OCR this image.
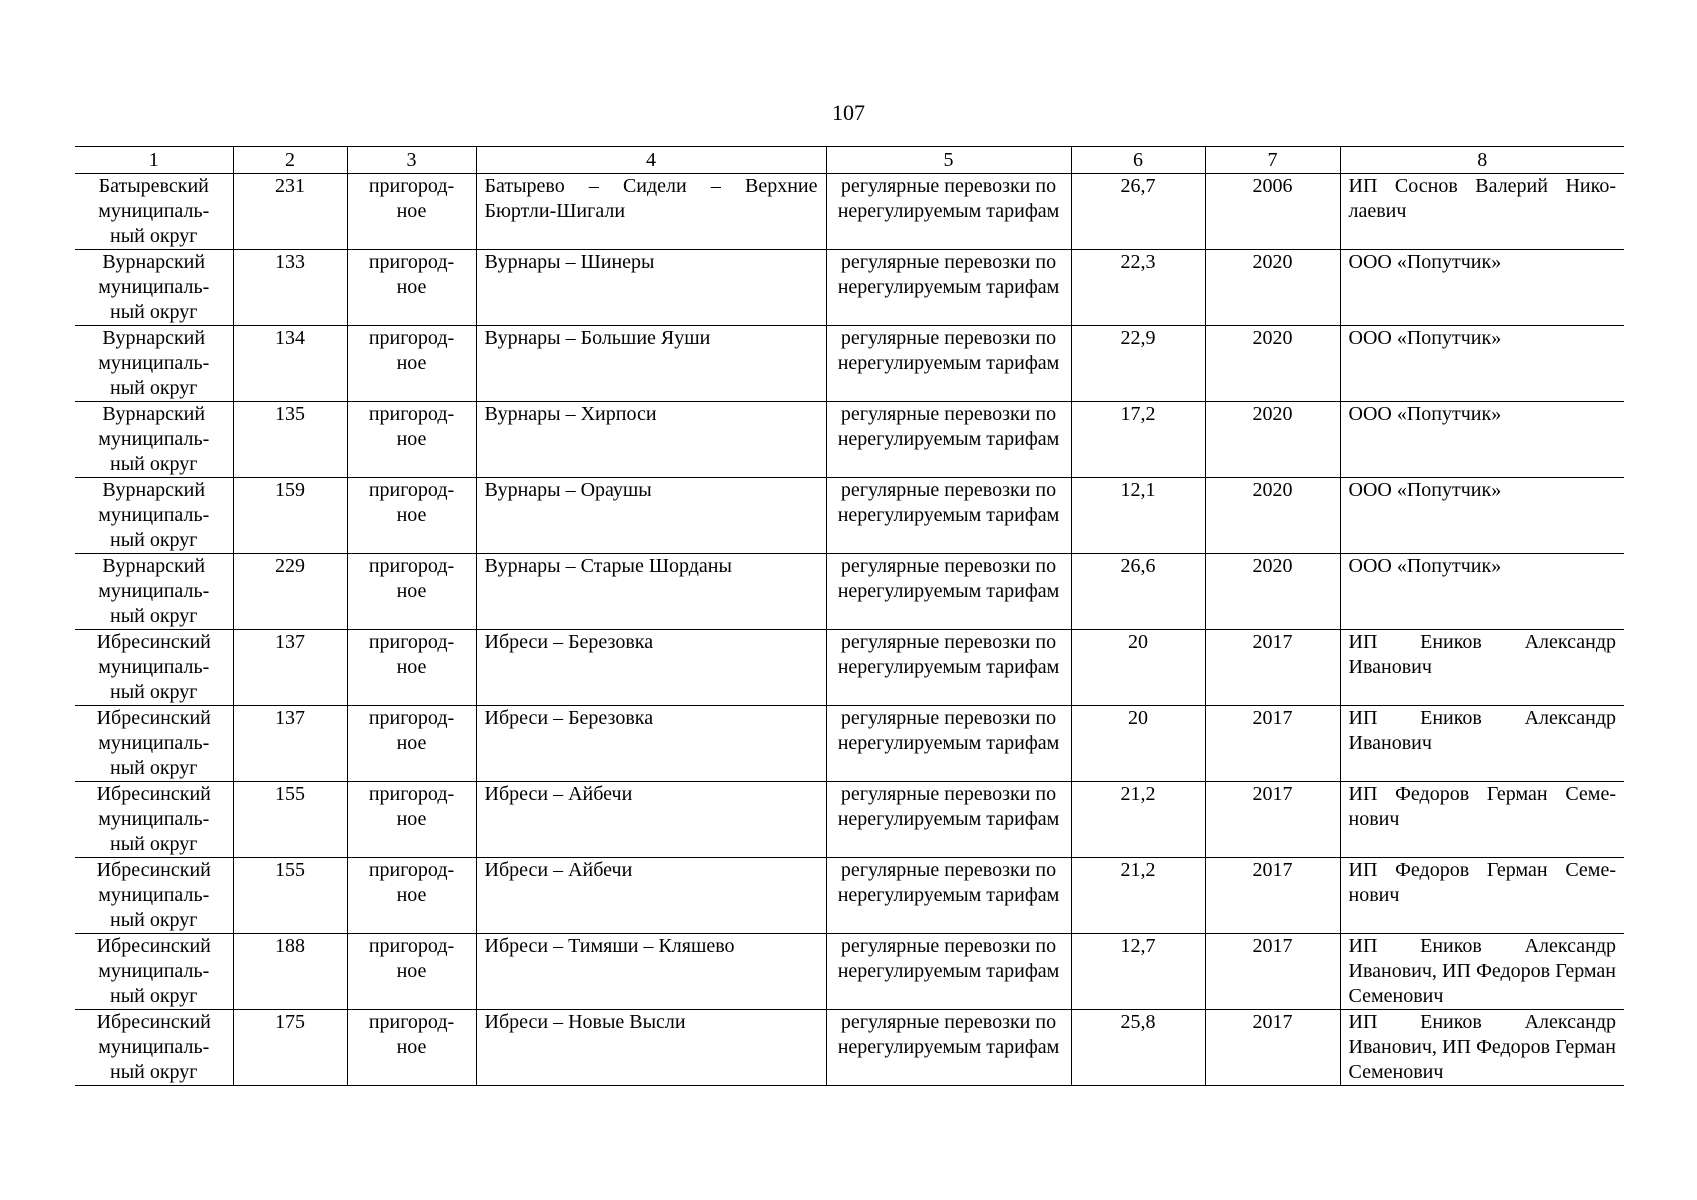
107
1	2	3	4	5	6	7	8
Батыревский муниципаль-ный округ	231	пригород-ное	Батырево – Сидели – Верхние Бюртли-Шигали	регулярные перевозки по нерегулируемым тарифам	26,7	2006	ИП Соснов Валерий Нико-лаевич
Вурнарский муниципаль-ный округ	133	пригород-ное	Вурнары – Шинеры	регулярные перевозки по нерегулируемым тарифам	22,3	2020	ООО «Попутчик»
Вурнарский муниципаль-ный округ	134	пригород-ное	Вурнары – Большие Яуши	регулярные перевозки по нерегулируемым тарифам	22,9	2020	ООО «Попутчик»
Вурнарский муниципаль-ный округ	135	пригород-ное	Вурнары – Хирпоси	регулярные перевозки по нерегулируемым тарифам	17,2	2020	ООО «Попутчик»
Вурнарский муниципаль-ный округ	159	пригород-ное	Вурнары – Ораушы	регулярные перевозки по нерегулируемым тарифам	12,1	2020	ООО «Попутчик»
Вурнарский муниципаль-ный округ	229	пригород-ное	Вурнары – Старые Шорданы	регулярные перевозки по нерегулируемым тарифам	26,6	2020	ООО «Попутчик»
Ибресинский муниципаль-ный округ	137	пригород-ное	Ибреси – Березовка	регулярные перевозки по нерегулируемым тарифам	20	2017	ИП Еников Александр Иванович
Ибресинский муниципаль-ный округ	137	пригород-ное	Ибреси – Березовка	регулярные перевозки по нерегулируемым тарифам	20	2017	ИП Еников Александр Иванович
Ибресинский муниципаль-ный округ	155	пригород-ное	Ибреси – Айбечи	регулярные перевозки по нерегулируемым тарифам	21,2	2017	ИП Федоров Герман Семе-нович
Ибресинский муниципаль-ный округ	155	пригород-ное	Ибреси – Айбечи	регулярные перевозки по нерегулируемым тарифам	21,2	2017	ИП Федоров Герман Семе-нович
Ибресинский муниципаль-ный округ	188	пригород-ное	Ибреси – Тимяши – Кляшево	регулярные перевозки по нерегулируемым тарифам	12,7	2017	ИП Еников Александр Иванович, ИП Федоров Герман Семенович
Ибресинский муниципаль-ный округ	175	пригород-ное	Ибреси – Новые Высли	регулярные перевозки по нерегулируемым тарифам	25,8	2017	ИП Еников Александр Иванович, ИП Федоров Герман Семенович
